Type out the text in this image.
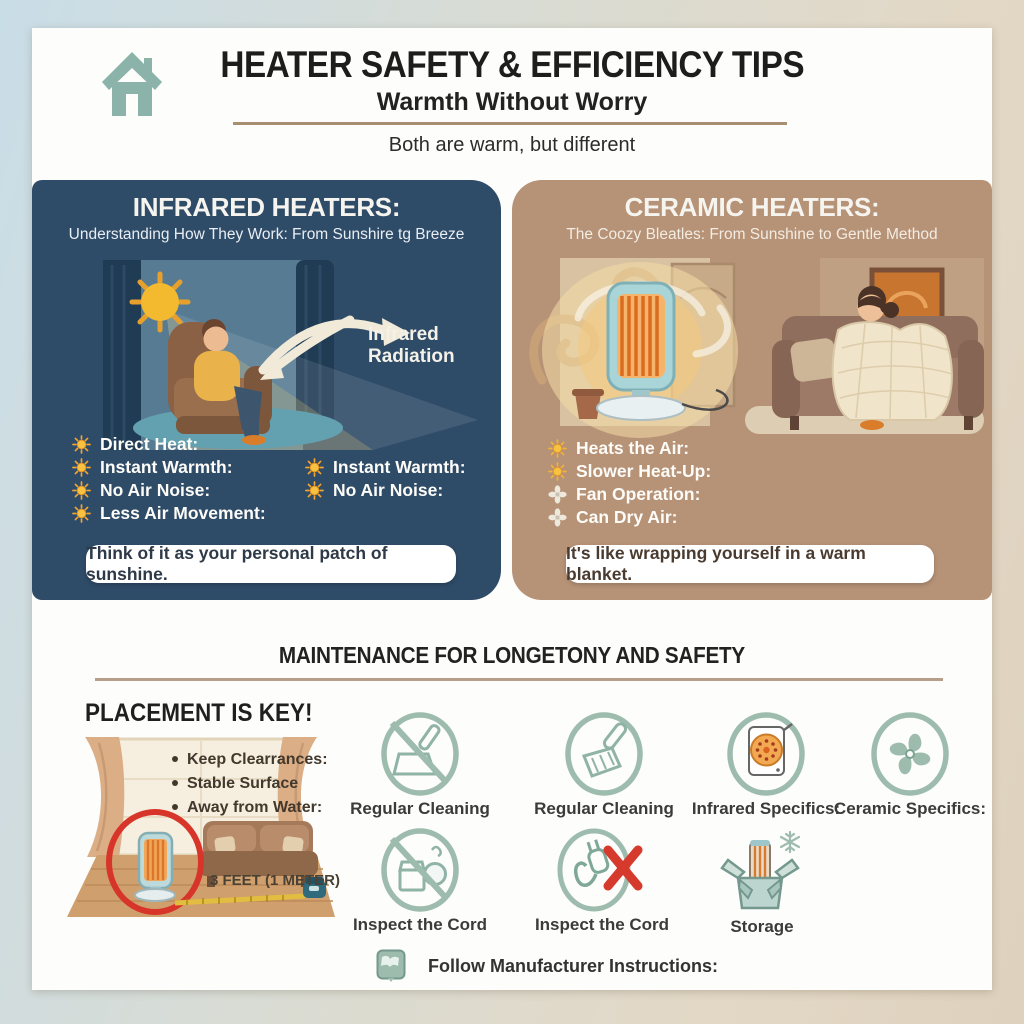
HEATER SAFETY & EFFICIENCY TIPS
Warmth Without Worry
Both are warm, but different
INFRARED HEATERS:
Understanding How They Work: From Sunshire tg Breeze
Infrared Radiation
Direct Heat:
Instant Warmth:
No Air Noise:
Less Air Movement:
Instant Warmth:
No Air Noise:
Think of it as your personal patch of sunshine.
CERAMIC HEATERS:
The Coozy Bleatles: From Sunshine to Gentle Method
Heats the Air:
Slower Heat-Up:
Fan Operation:
Can Dry Air:
It's like wrapping yourself in a warm blanket.
MAINTENANCE FOR LONGETONY AND SAFETY
PLACEMENT IS KEY!
Keep Clearrances:
Stable Surface
Away from Water:
3 FEET (1 METER)
Regular Cleaning	Regular Cleaning Infrared Specifics:
Ceramic Specifics:
Inspect the Cord	Inspect the Cord	Storage
Follow Manufacturer Instructions:
